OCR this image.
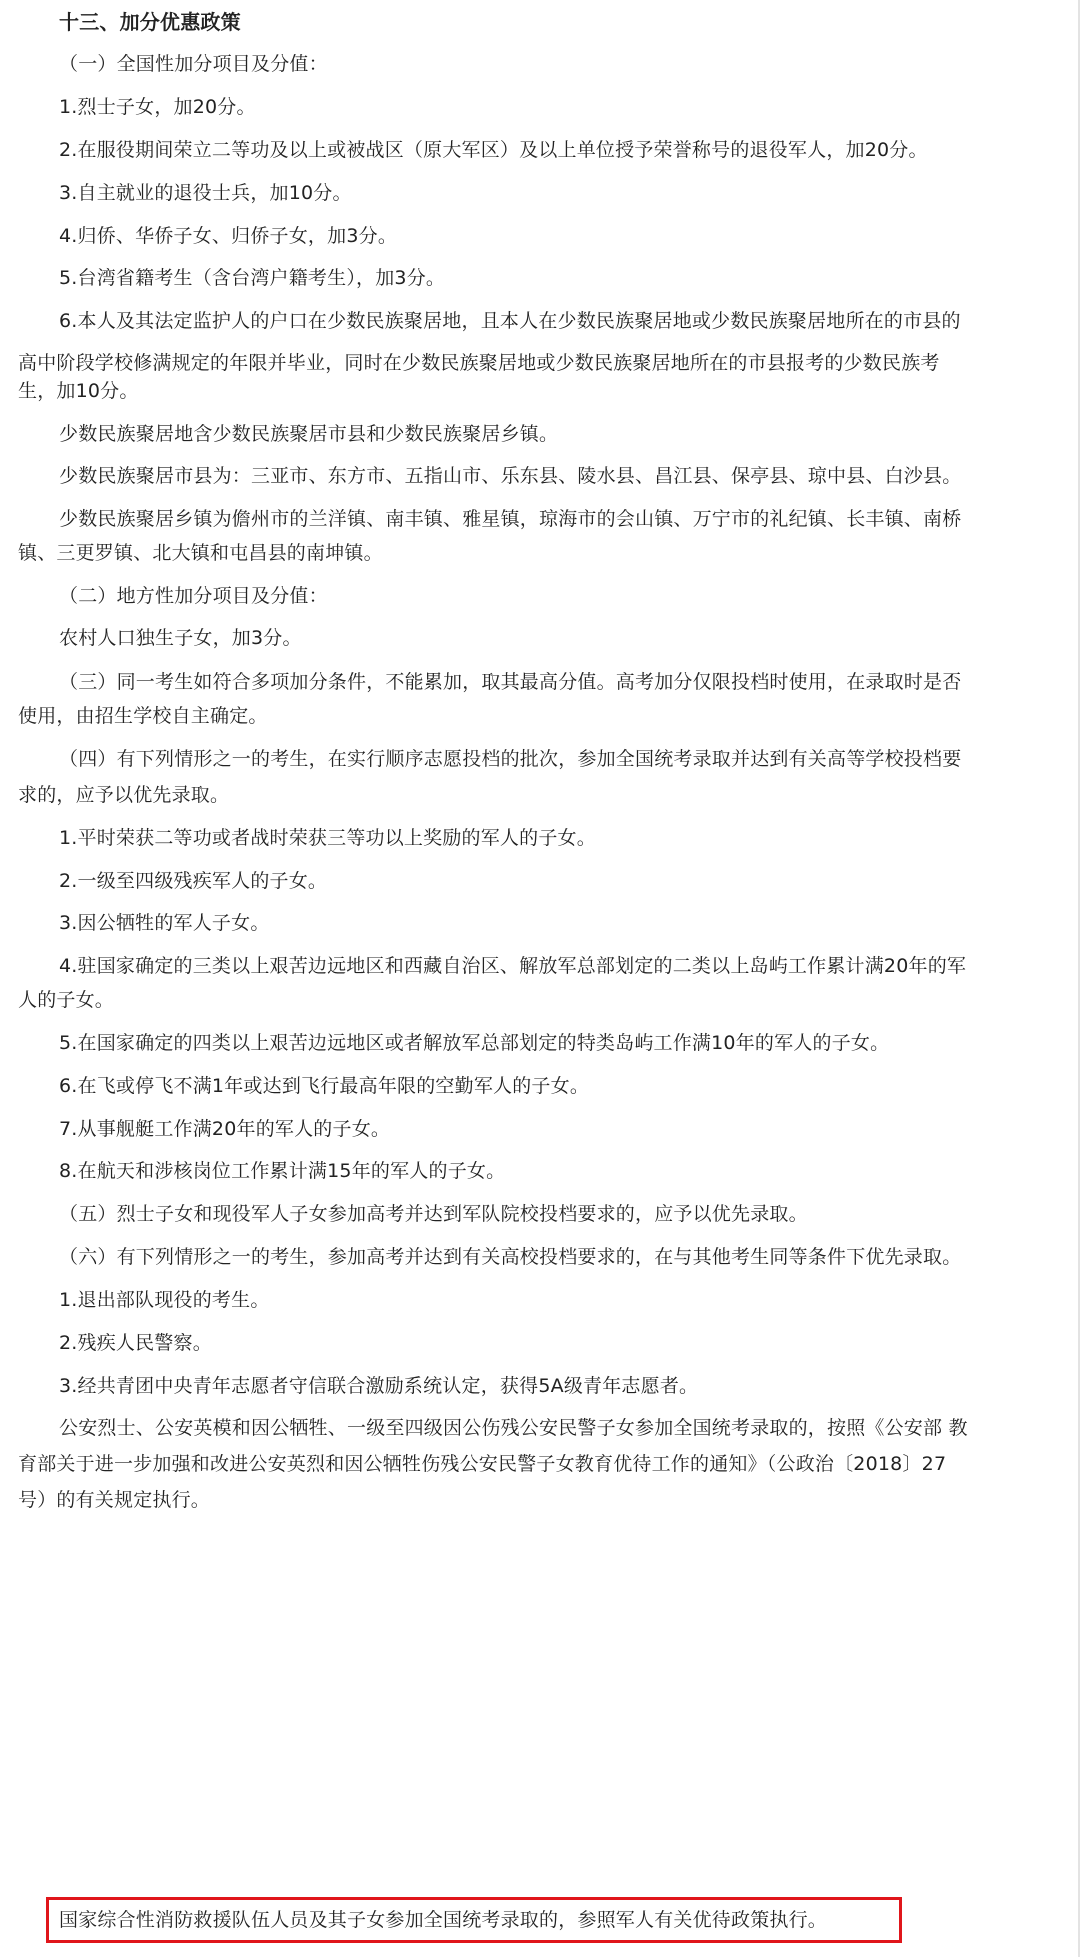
十三、加分优惠政策
（一）全国性加分项目及分值：
1.烈士子女，加20分。
2.在服役期间荣立二等功及以上或被战区（原大军区）及以上单位授予荣誉称号的退役军人，加20分。
3.自主就业的退役士兵，加10分。
4.归侨、华侨子女、归侨子女，加3分。
5.台湾省籍考生（含台湾户籍考生），加3分。
6.本人及其法定监护人的户口在少数民族聚居地，且本人在少数民族聚居地或少数民族聚居地所在的市县的
高中阶段学校修满规定的年限并毕业，同时在少数民族聚居地或少数民族聚居地所在的市县报考的少数民族考
生，加10分。
少数民族聚居地含少数民族聚居市县和少数民族聚居乡镇。
少数民族聚居市县为：三亚市、东方市、五指山市、乐东县、陵水县、昌江县、保亭县、琼中县、白沙县。
少数民族聚居乡镇为儋州市的兰洋镇、南丰镇、雅星镇，琼海市的会山镇、万宁市的礼纪镇、长丰镇、南桥
镇、三更罗镇、北大镇和屯昌县的南坤镇。
（二）地方性加分项目及分值：
农村人口独生子女，加3分。
（三）同一考生如符合多项加分条件，不能累加，取其最高分值。高考加分仅限投档时使用，在录取时是否
使用，由招生学校自主确定。
（四）有下列情形之一的考生，在实行顺序志愿投档的批次，参加全国统考录取并达到有关高等学校投档要
求的，应予以优先录取。
1.平时荣获二等功或者战时荣获三等功以上奖励的军人的子女。
2.一级至四级残疾军人的子女。
3.因公牺牲的军人子女。
4.驻国家确定的三类以上艰苦边远地区和西藏自治区、解放军总部划定的二类以上岛屿工作累计满20年的军
人的子女。
5.在国家确定的四类以上艰苦边远地区或者解放军总部划定的特类岛屿工作满10年的军人的子女。
6.在飞或停飞不满1年或达到飞行最高年限的空勤军人的子女。
7.从事舰艇工作满20年的军人的子女。
8.在航天和涉核岗位工作累计满15年的军人的子女。
（五）烈士子女和现役军人子女参加高考并达到军队院校投档要求的，应予以优先录取。
（六）有下列情形之一的考生，参加高考并达到有关高校投档要求的，在与其他考生同等条件下优先录取。
1.退出部队现役的考生。
2.残疾人民警察。
3.经共青团中央青年志愿者守信联合激励系统认定，获得5A级青年志愿者。
公安烈士、公安英模和因公牺牲、一级至四级因公伤残公安民警子女参加全国统考录取的，按照《公安部 教
育部关于进一步加强和改进公安英烈和因公牺牲伤残公安民警子女教育优待工作的通知》（公政治〔2018〕27
号）的有关规定执行。
国家综合性消防救援队伍人员及其子女参加全国统考录取的，参照军人有关优待政策执行。
